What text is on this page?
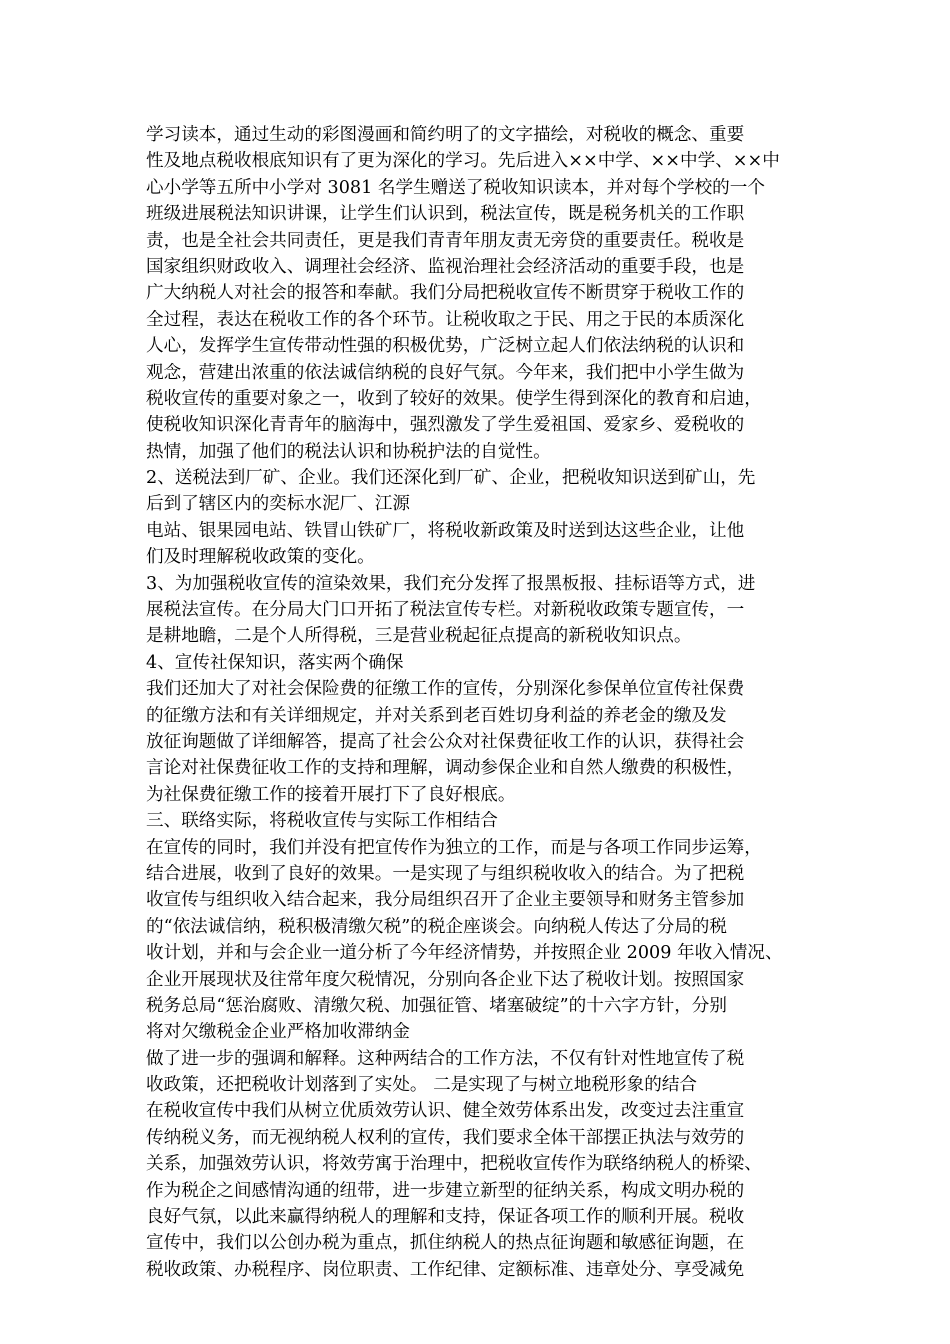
学习读本，通过生动的彩图漫画和简约明了的文字描绘，对税收的概念、重要
性及地点税收根底知识有了更为深化的学习。先后进入××中学、××中学、××中
心小学等五所中小学对 3081 名学生赠送了税收知识读本，并对每个学校的一个
班级进展税法知识讲课，让学生们认识到，税法宣传，既是税务机关的工作职
责，也是全社会共同责任，更是我们青青年朋友责无旁贷的重要责任。税收是
国家组织财政收入、调理社会经济、监视治理社会经济活动的重要手段，也是
广大纳税人对社会的报答和奉献。我们分局把税收宣传不断贯穿于税收工作的
全过程，表达在税收工作的各个环节。让税收取之于民、用之于民的本质深化
人心，发挥学生宣传带动性强的积极优势，广泛树立起人们依法纳税的认识和
观念，营建出浓重的依法诚信纳税的良好气氛。今年来，我们把中小学生做为
税收宣传的重要对象之一，收到了较好的效果。使学生得到深化的教育和启迪，
使税收知识深化青青年的脑海中，强烈激发了学生爱祖国、爱家乡、爱税收的
热情，加强了他们的税法认识和协税护法的自觉性。
2、送税法到厂矿、企业。我们还深化到厂矿、企业，把税收知识送到矿山，先
后到了辖区内的奕标水泥厂、江源
电站、银果园电站、铁冒山铁矿厂，将税收新政策及时送到达这些企业，让他
们及时理解税收政策的变化。
3、为加强税收宣传的渲染效果，我们充分发挥了报黑板报、挂标语等方式，进
展税法宣传。在分局大门口开拓了税法宣传专栏。对新税收政策专题宣传，一
是耕地瞻，二是个人所得税，三是营业税起征点提高的新税收知识点。
4、宣传社保知识，落实两个确保
我们还加大了对社会保险费的征缴工作的宣传，分别深化参保单位宣传社保费
的征缴方法和有关详细规定，并对关系到老百姓切身利益的养老金的缴及发
放征询题做了详细解答，提高了社会公众对社保费征收工作的认识，获得社会
言论对社保费征收工作的支持和理解，调动参保企业和自然人缴费的积极性，
为社保费征缴工作的接着开展打下了良好根底。
三、联络实际，将税收宣传与实际工作相结合
在宣传的同时，我们并没有把宣传作为独立的工作，而是与各项工作同步运筹，
结合进展，收到了良好的效果。一是实现了与组织税收收入的结合。为了把税
收宣传与组织收入结合起来，我分局组织召开了企业主要领导和财务主管参加
的“依法诚信纳，税积极清缴欠税”的税企座谈会。向纳税人传达了分局的税
收计划，并和与会企业一道分析了今年经济情势，并按照企业 2009 年收入情况、
企业开展现状及往常年度欠税情况，分别向各企业下达了税收计划。按照国家
税务总局“惩治腐败、清缴欠税、加强征管、堵塞破绽”的十六字方针，分别
将对欠缴税金企业严格加收滞纳金
做了进一步的强调和解释。这种两结合的工作方法，不仅有针对性地宣传了税
收政策，还把税收计划落到了实处。 二是实现了与树立地税形象的结合
在税收宣传中我们从树立优质效劳认识、健全效劳体系出发，改变过去注重宣
传纳税义务，而无视纳税人权利的宣传，我们要求全体干部摆正执法与效劳的
关系，加强效劳认识，将效劳寓于治理中，把税收宣传作为联络纳税人的桥梁、
作为税企之间感情沟通的纽带，进一步建立新型的征纳关系，构成文明办税的
良好气氛，以此来赢得纳税人的理解和支持，保证各项工作的顺利开展。税收
宣传中，我们以公创办税为重点，抓住纳税人的热点征询题和敏感征询题，在
税收政策、办税程序、岗位职责、工作纪律、定额标准、违章处分、享受减免
